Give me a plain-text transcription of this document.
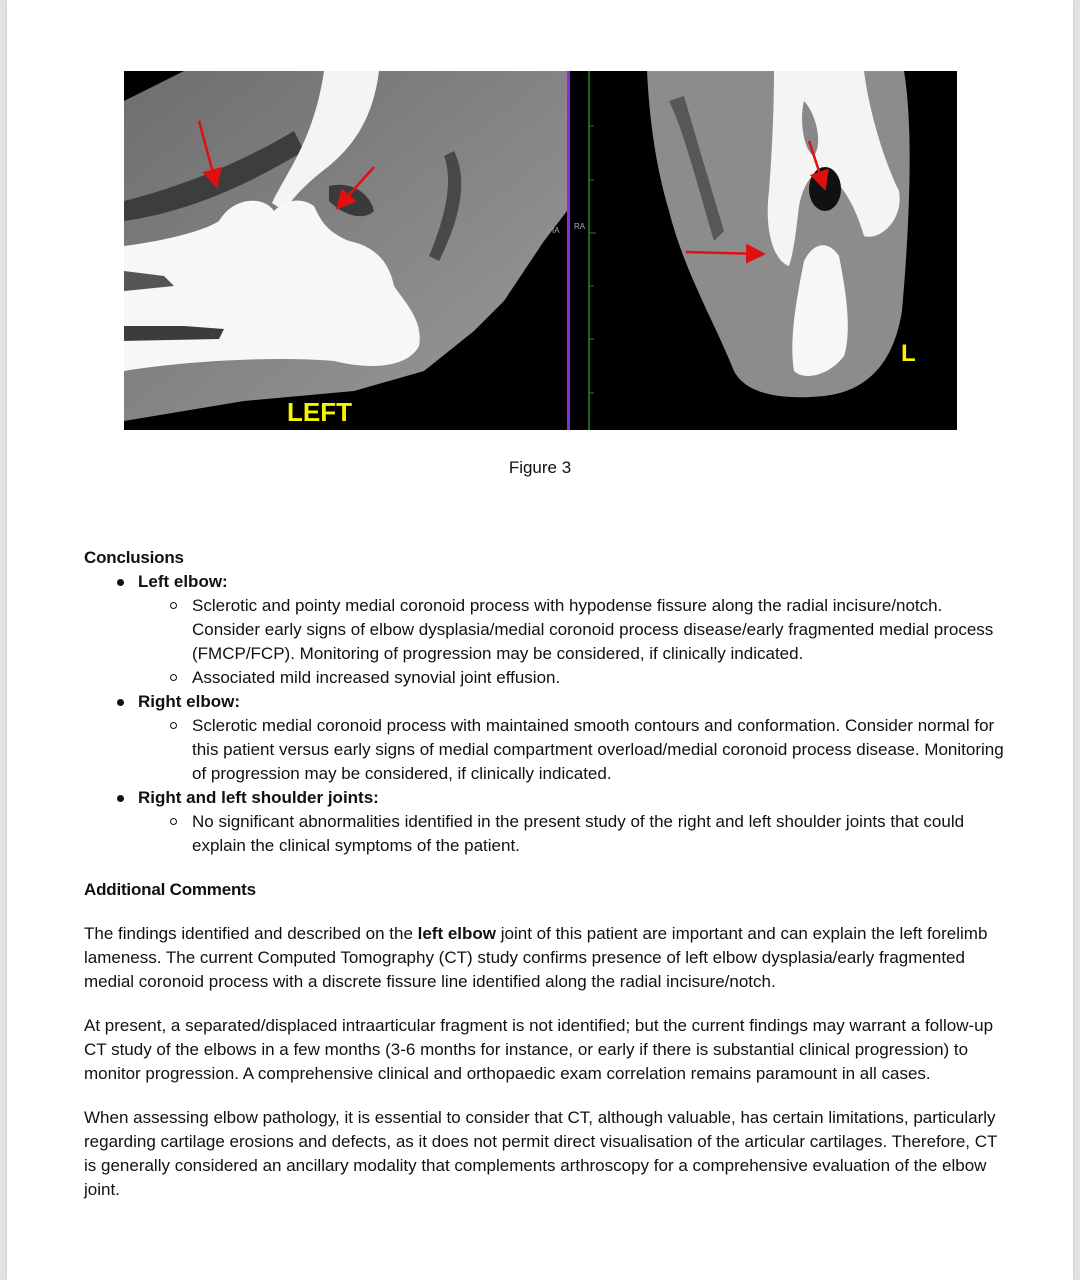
LEFT
IA RA
L
Figure 3
Conclusions
Left elbow:
Sclerotic and pointy medial coronoid process with hypodense fissure along the radial incisure/notch. Consider early signs of elbow dysplasia/medial coronoid process disease/early fragmented medial process (FMCP/FCP). Monitoring of progression may be considered, if clinically indicated.
Associated mild increased synovial joint effusion.
Right elbow:
Sclerotic medial coronoid process with maintained smooth contours and conformation. Consider normal for this patient versus early signs of medial compartment overload/medial coronoid process disease. Monitoring of progression may be considered, if clinically indicated.
Right and left shoulder joints:
No significant abnormalities identified in the present study of the right and left shoulder joints that could explain the clinical symptoms of the patient.
Additional Comments

The findings identified and described on the left elbow joint of this patient are important and can explain the left forelimb lameness. The current Computed Tomography (CT) study confirms presence of left elbow dysplasia/early fragmented medial coronoid process with a discrete fissure line identified along the radial incisure/notch.

At present, a separated/displaced intraarticular fragment is not identified; but the current findings may warrant a follow-up CT study of the elbows in a few months (3-6 months for instance, or early if there is substantial clinical progression) to monitor progression. A comprehensive clinical and orthopaedic exam correlation remains paramount in all cases.

When assessing elbow pathology, it is essential to consider that CT, although valuable, has certain limitations, particularly regarding cartilage erosions and defects, as it does not permit direct visualisation of the articular cartilages. Therefore, CT is generally considered an ancillary modality that complements arthroscopy for a comprehensive evaluation of the elbow joint.
